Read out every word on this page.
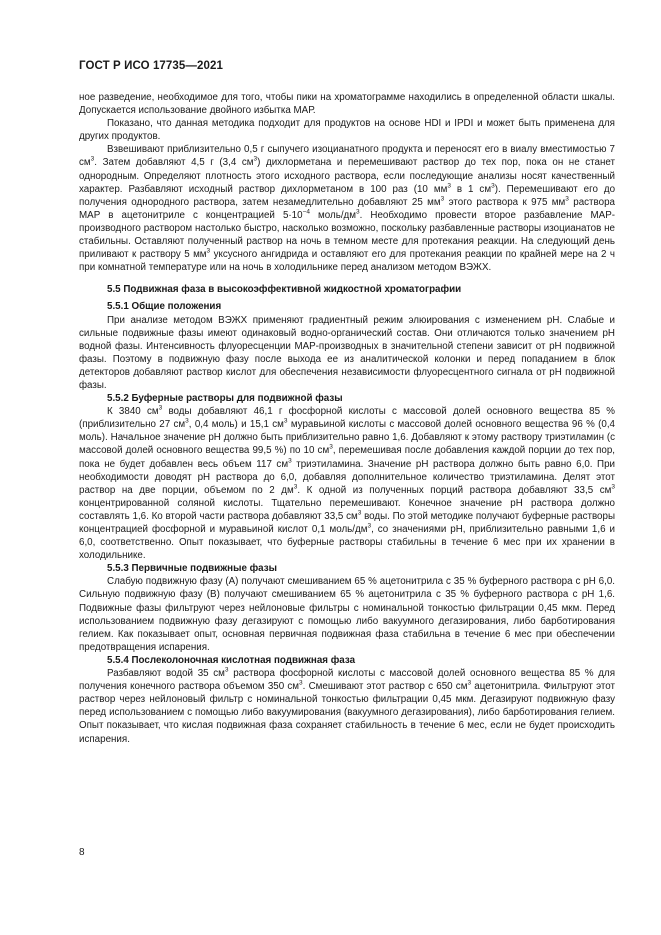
ГОСТ Р ИСО 17735—2021

ное разведение, необходимое для того, чтобы пики на хроматограмме находились в определенной области шкалы. Допускается использование двойного избытка МАР.

Показано, что данная методика подходит для продуктов на основе HDI и IPDI и может быть применена для других продуктов.

Взвешивают приблизительно 0,5 г сыпучего изоцианатного продукта и переносят его в виалу вместимостью 7 $см^3$. Затем добавляют 4,5 г (3,4 $см^3$) дихлорметана и перемешивают раствор до тех пор, пока он не станет однородным. Определяют плотность этого исходного раствора, если последующие анализы носят качественный характер. Разбавляют исходный раствор дихлорметаном в 100 раз (10 $мм^3$ в 1 $см^3$). Перемешивают его до получения однородного раствора, затем незамедлительно добавляют 25 $мм^3$ этого раствора к 975 $мм^3$ раствора МАР в ацетонитриле с концентрацией $5\cdot 10^{-4}$ моль/$дм^3$. Необходимо провести второе разбавление МАР-производного раствором настолько быстро, насколько возможно, поскольку разбавленные растворы изоцианатов не стабильны. Оставляют полученный раствор на ночь в темном месте для протекания реакции. На следующий день приливают к раствору 5 $мм^3$ уксусного ангидрида и оставляют его для протекания реакции по крайней мере на 2 ч при комнатной температуре или на ночь в холодильнике перед анализом методом ВЭЖХ.

5.5 Подвижная фаза в высокоэффективной жидкостной хроматографии
5.5.1 Общие положения

При анализе методом ВЭЖХ применяют градиентный режим элюирования с изменением рН. Слабые и сильные подвижные фазы имеют одинаковый водно-органический состав. Они отличаются только значением рН водной фазы. Интенсивность флуоресценции МАР-производных в значительной степени зависит от рН подвижной фазы. Поэтому в подвижную фазу после выхода ее из аналитической колонки и перед попаданием в блок детекторов добавляют раствор кислот для обеспечения независимости флуоресцентного сигнала от рН подвижной фазы.

5.5.2 Буферные растворы для подвижной фазы

К 3840 $см^3$ воды добавляют 46,1 г фосфорной кислоты с массовой долей основного вещества 85 % (приблизительно 27 $см^3$, 0,4 моль) и 15,1 $см^3$ муравьиной кислоты с массовой долей основного вещества 96 % (0,4 моль). Начальное значение рН должно быть приблизительно равно 1,6. Добавляют к этому раствору триэтиламин (с массовой долей основного вещества 99,5 %) по 10 $см^3$, перемешивая после добавления каждой порции до тех пор, пока не будет добавлен весь объем 117 $см^3$ триэтиламина. Значение рН раствора должно быть равно 6,0. При необходимости доводят рН раствора до 6,0, добавляя дополнительное количество триэтиламина. Делят этот раствор на две порции, объемом по 2 $дм^3$. К одной из полученных порций раствора добавляют 33,5 $см^3$ концентрированной соляной кислоты. Тщательно перемешивают. Конечное значение рН раствора должно составлять 1,6. Ко второй части раствора добавляют 33,5 $см^3$ воды. По этой методике получают буферные растворы концентрацией фосфорной и муравьиной кислот 0,1 моль/$дм^3$, со значениями рН, приблизительно равными 1,6 и 6,0, соответственно. Опыт показывает, что буферные растворы стабильны в течение 6 мес при их хранении в холодильнике.

5.5.3 Первичные подвижные фазы

Слабую подвижную фазу (А) получают смешиванием 65 % ацетонитрила с 35 % буферного раствора с рН 6,0. Сильную подвижную фазу (В) получают смешиванием 65 % ацетонитрила с 35 % буферного раствора с рН 1,6. Подвижные фазы фильтруют через нейлоновые фильтры с номинальной тонкостью фильтрации 0,45 мкм. Перед использованием подвижную фазу дегазируют с помощью либо вакуумного дегазирования, либо барботирования гелием. Как показывает опыт, основная первичная подвижная фаза стабильна в течение 6 мес при обеспечении предотвращения испарения.

5.5.4 Послеколоночная кислотная подвижная фаза

Разбавляют водой 35 $см^3$ раствора фосфорной кислоты с массовой долей основного вещества 85 % для получения конечного раствора объемом 350 $см^3$. Смешивают этот раствор с 650 $см^3$ ацетонитрила. Фильтруют этот раствор через нейлоновый фильтр с номинальной тонкостью фильтрации 0,45 мкм. Дегазируют подвижную фазу перед использованием с помощью либо вакуумирования (вакуумного дегазирования), либо барботирования гелием. Опыт показывает, что кислая подвижная фаза сохраняет стабильность в течение 6 мес, если не будет происходить испарения.

8
